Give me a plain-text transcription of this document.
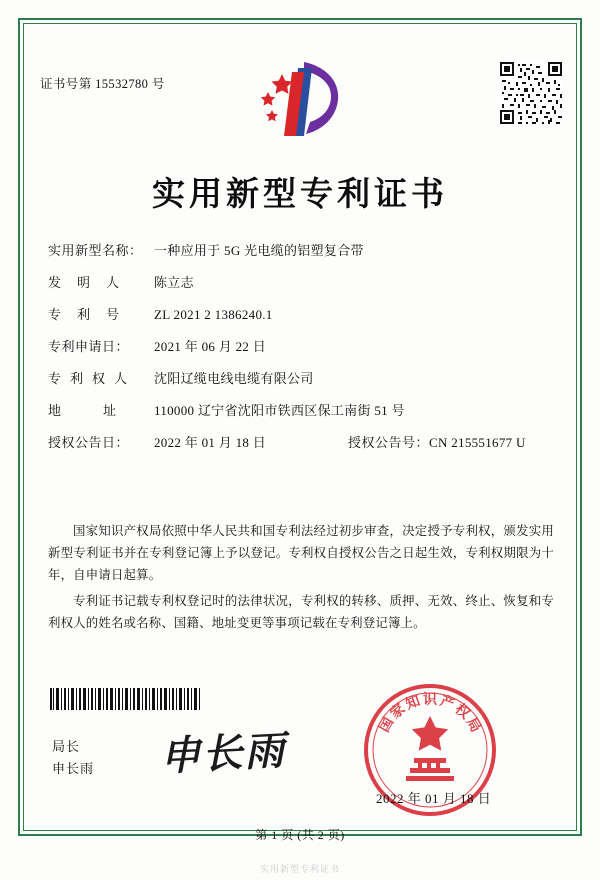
证书号第 15532780 号
实用新型专利证书
实用新型名称： 一种应用于 5G 光电缆的铝塑复合带
发明人 陈立志
专利号 ZL 2021 2 1386240.1
专利申请日： 2021 年 06 月 22 日
专利权人 沈阳辽缆电线电缆有限公司
地址110000 辽宁省沈阳市铁西区保工南街 51 号
授权公告日： 2022 年 01 月 18 日	授权公告号：CN 215551677 U

国家知识产权局依照中华人民共和国专利法经过初步审查，决定授予专利权，颁发实用新型专利证书并在专利登记簿上予以登记。专利权自授权公告之日起生效，专利权期限为十年，自申请日起算。

专利证书记载专利权登记时的法律状况，专利权的转移、质押、无效、终止、恢复和专利权人的姓名或名称、国籍、地址变更等事项记载在专利登记簿上。

局长
申长雨 申长雨
国
家
知 识 产
权
局
2022 年 01 月 18 日
第 1 页 (共 2 页)
实用新型专利证书
